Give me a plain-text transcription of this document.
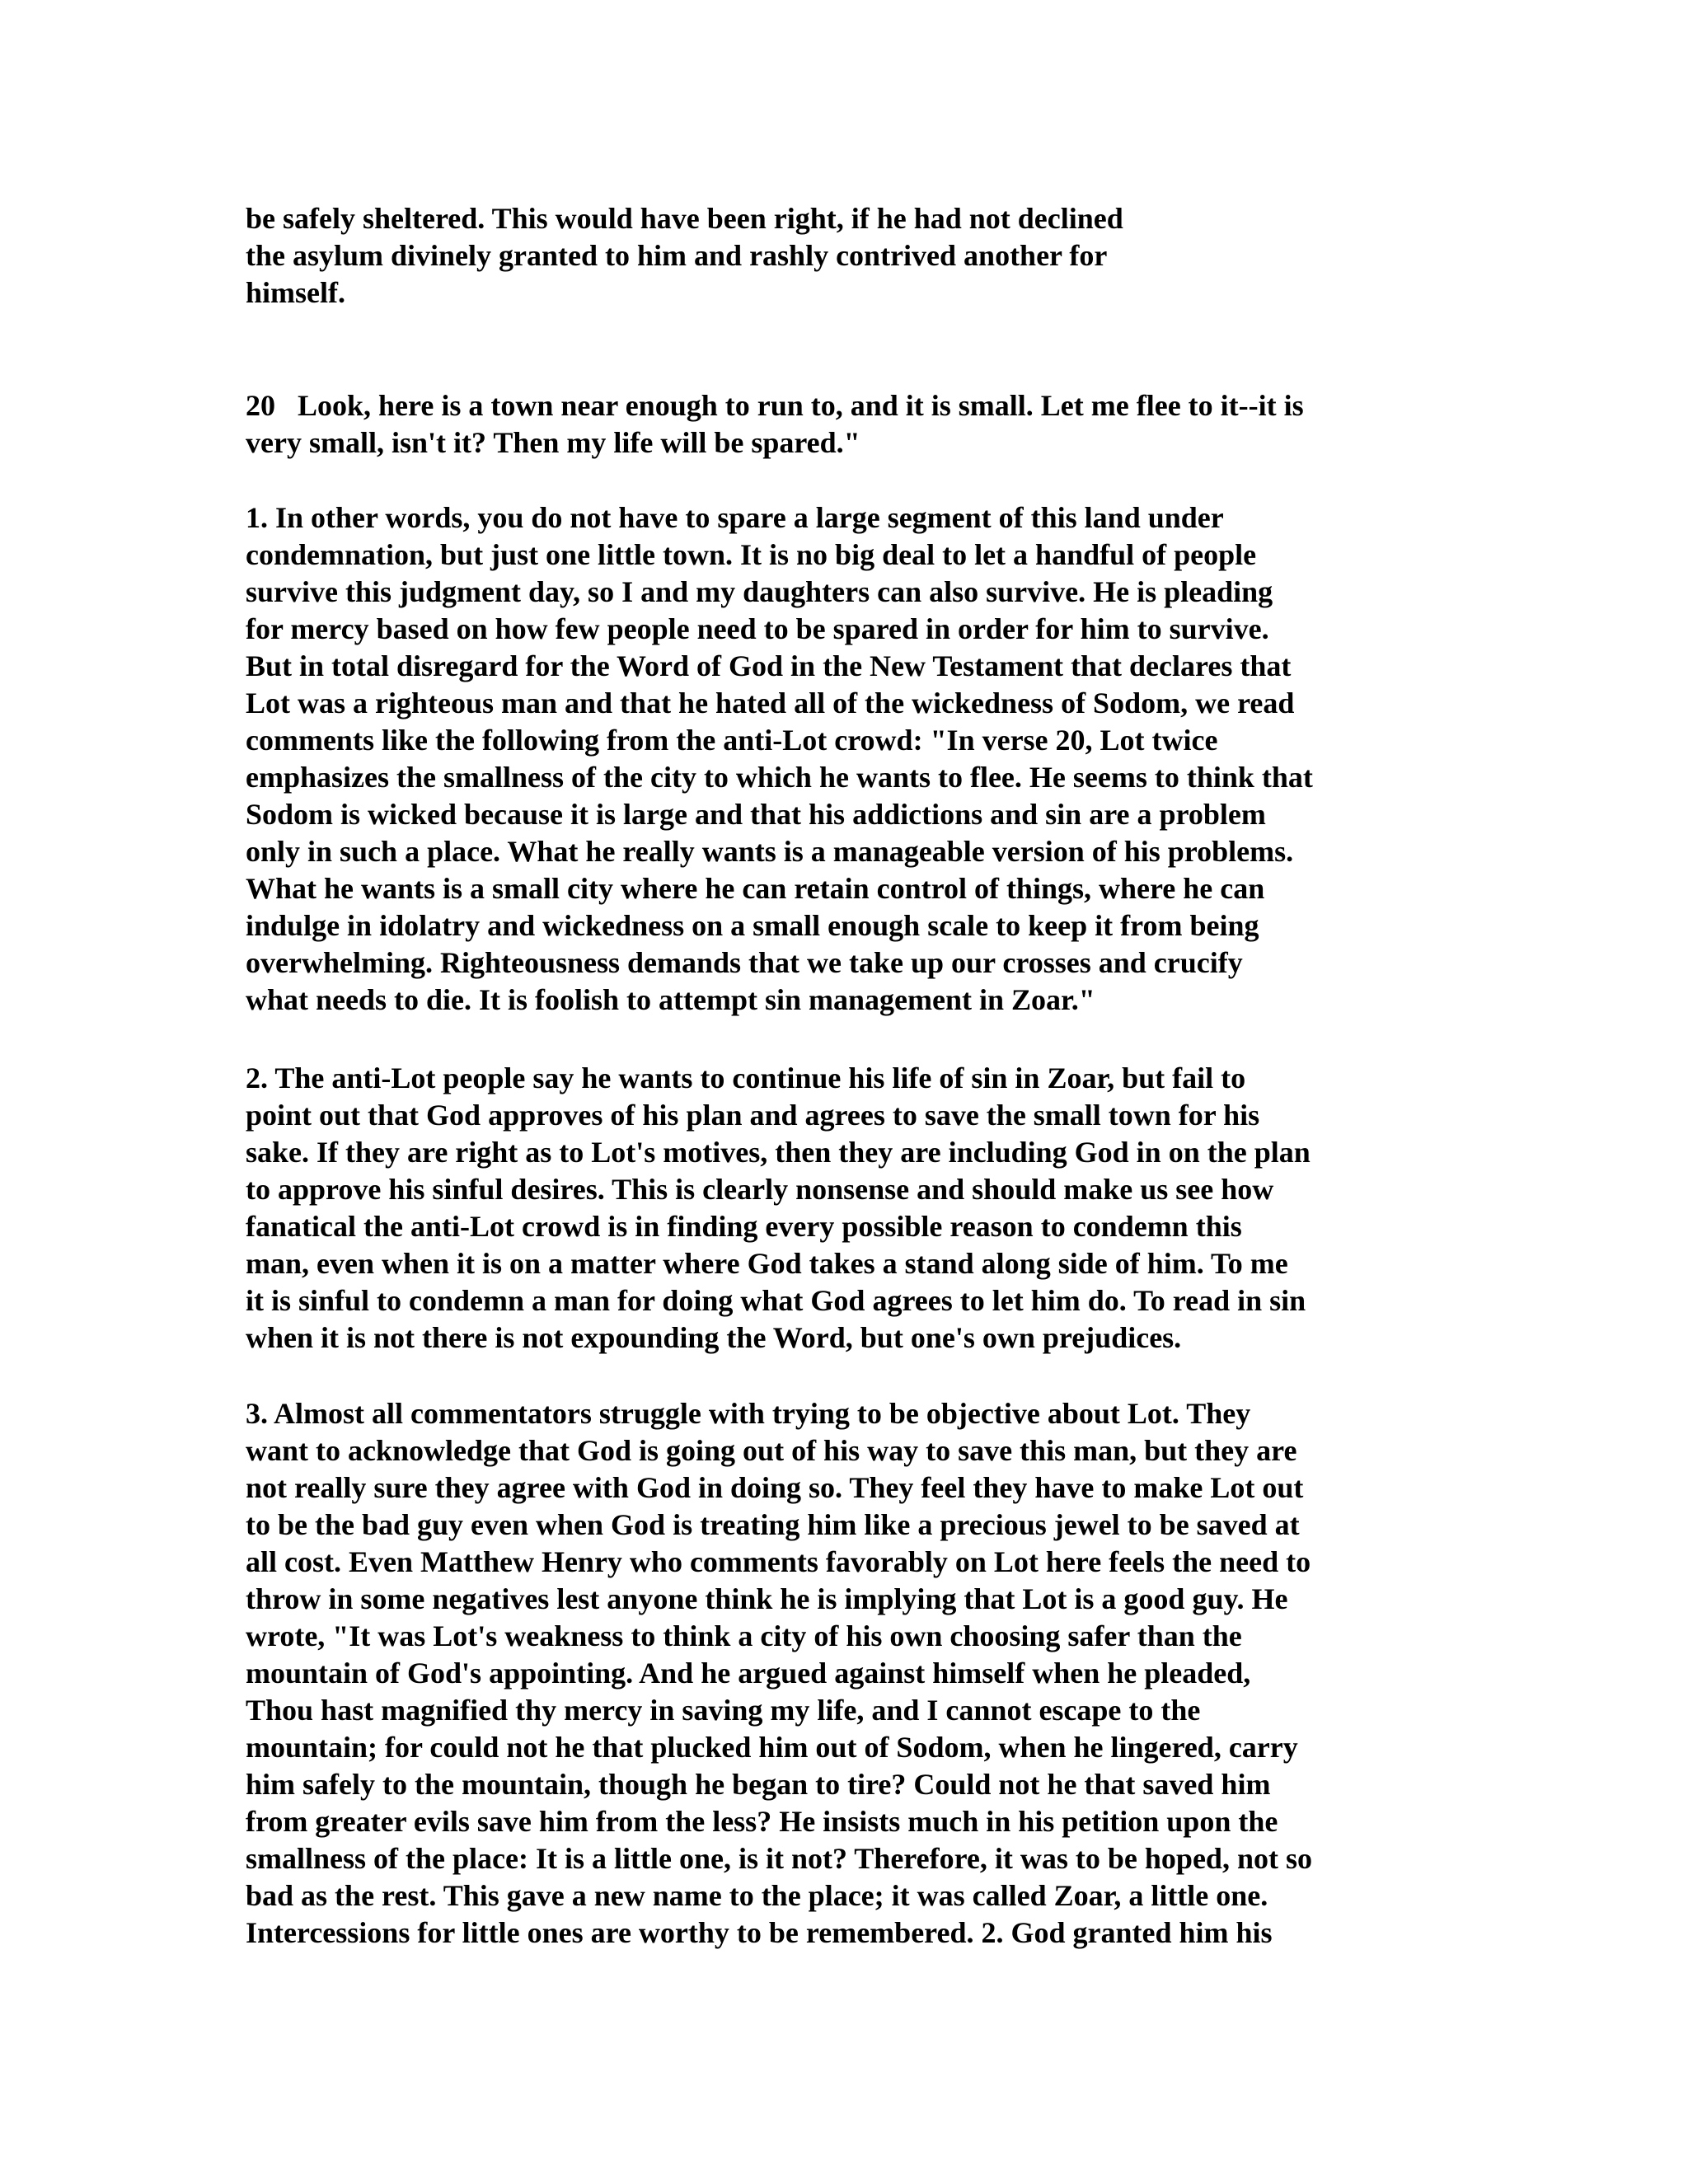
be safely sheltered. This would have been right, if he had not declined
the asylum divinely granted to him and rashly contrived another for
himself.
20   Look, here is a town near enough to run to, and it is small. Let me flee to it--it is
very small, isn't it? Then my life will be spared."
1. In other words, you do not have to spare a large segment of this land under
condemnation, but just one little town. It is no big deal to let a handful of people
survive this judgment day, so I and my daughters can also survive. He is pleading
for mercy based on how few people need to be spared in order for him to survive.
But in total disregard for the Word of God in the New Testament that declares that
Lot was a righteous man and that he hated all of the wickedness of Sodom, we read
comments like the following from the anti-Lot crowd: "In verse 20, Lot twice
emphasizes the smallness of the city to which he wants to flee. He seems to think that
Sodom is wicked because it is large and that his addictions and sin are a problem
only in such a place. What he really wants is a manageable version of his problems.
What he wants is a small city where he can retain control of things, where he can
indulge in idolatry and wickedness on a small enough scale to keep it from being
overwhelming. Righteousness demands that we take up our crosses and crucify
what needs to die. It is foolish to attempt sin management in Zoar."
2. The anti-Lot people say he wants to continue his life of sin in Zoar, but fail to
point out that God approves of his plan and agrees to save the small town for his
sake. If they are right as to Lot's motives, then they are including God in on the plan
to approve his sinful desires. This is clearly nonsense and should make us see how
fanatical the anti-Lot crowd is in finding every possible reason to condemn this
man, even when it is on a matter where God takes a stand along side of him. To me
it is sinful to condemn a man for doing what God agrees to let him do. To read in sin
when it is not there is not expounding the Word, but one's own prejudices.
3. Almost all commentators struggle with trying to be objective about Lot. They
want to acknowledge that God is going out of his way to save this man, but they are
not really sure they agree with God in doing so. They feel they have to make Lot out
to be the bad guy even when God is treating him like a precious jewel to be saved at
all cost. Even Matthew Henry who comments favorably on Lot here feels the need to
throw in some negatives lest anyone think he is implying that Lot is a good guy. He
wrote, "It was Lot's weakness to think a city of his own choosing safer than the
mountain of God's appointing. And he argued against himself when he pleaded,
Thou hast magnified thy mercy in saving my life, and I cannot escape to the
mountain; for could not he that plucked him out of Sodom, when he lingered, carry
him safely to the mountain, though he began to tire? Could not he that saved him
from greater evils save him from the less? He insists much in his petition upon the
smallness of the place: It is a little one, is it not? Therefore, it was to be hoped, not so
bad as the rest. This gave a new name to the place; it was called Zoar, a little one.
Intercessions for little ones are worthy to be remembered. 2. God granted him his
